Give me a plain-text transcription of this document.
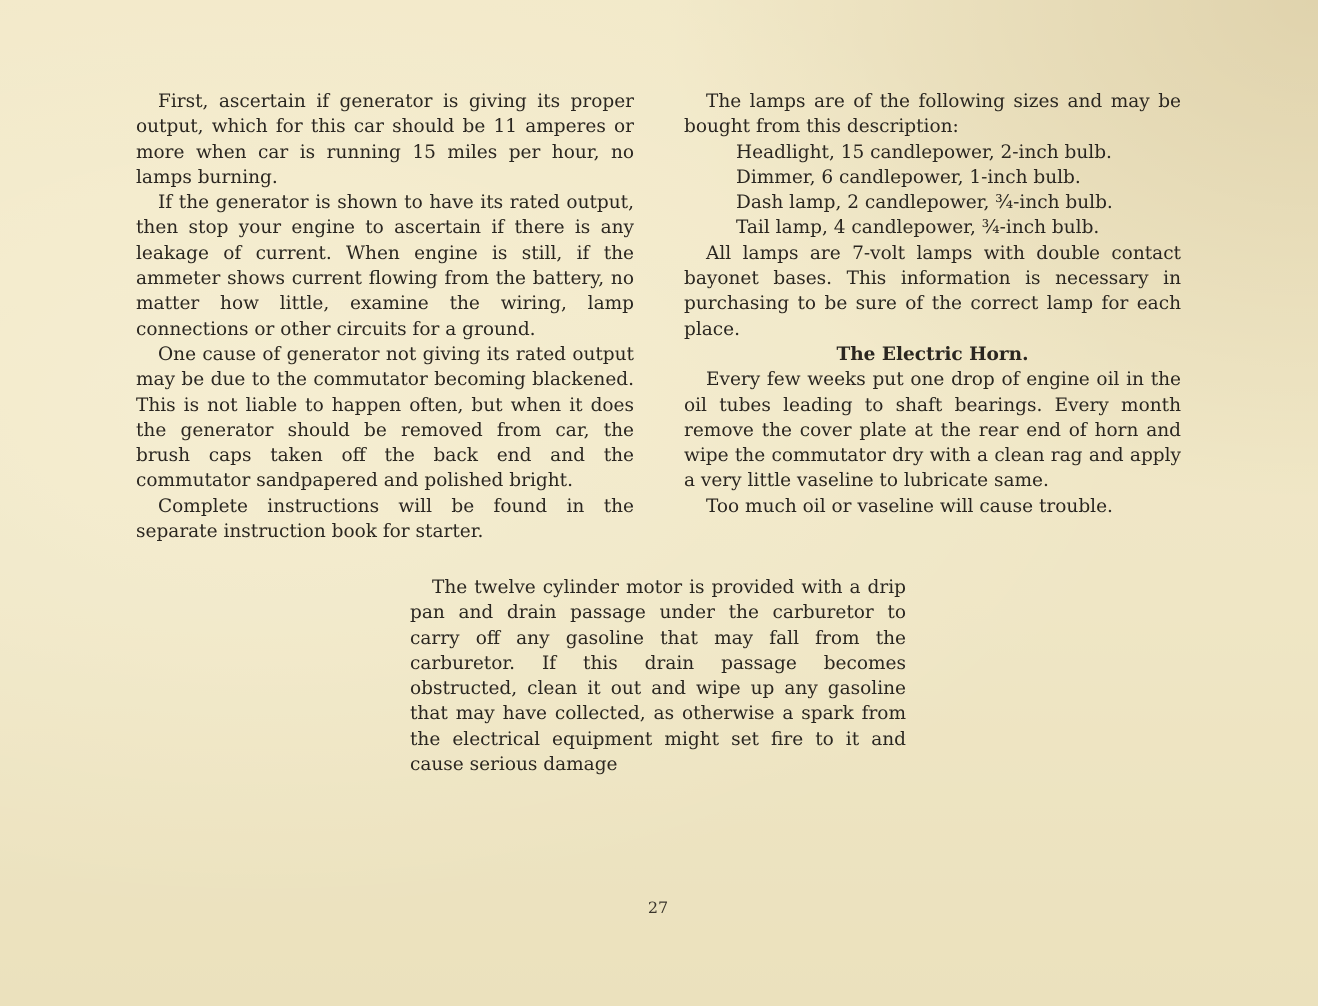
First, ascertain if generator is giving its proper output, which for this car should be 11 amperes or more when car is running 15 miles per hour, no lamps burning.

If the generator is shown to have its rated output, then stop your engine to ascertain if there is any leakage of current. When engine is still, if the ammeter shows current flowing from the battery, no matter how little, examine the wiring, lamp connections or other circuits for a ground.

One cause of generator not giving its rated output may be due to the commutator becoming blackened. This is not liable to happen often, but when it does the generator should be removed from car, the brush caps taken off the back end and the commutator sandpapered and polished bright.

Complete instructions will be found in the separate instruction book for starter.

The lamps are of the following sizes and may be bought from this description:

Headlight, 15 candlepower, 2-inch bulb.
Dimmer, 6 candlepower, 1-inch bulb.
Dash lamp, 2 candlepower, ¾-inch bulb.
Tail lamp, 4 candlepower, ¾-inch bulb.

All lamps are 7-volt lamps with double contact bayonet bases. This information is necessary in purchasing to be sure of the correct lamp for each place.

The Electric Horn.

Every few weeks put one drop of engine oil in the oil tubes leading to shaft bearings. Every month remove the cover plate at the rear end of horn and wipe the commutator dry with a clean rag and apply a very little vaseline to lubricate same.

Too much oil or vaseline will cause trouble.

The twelve cylinder motor is provided with a drip pan and drain passage under the carburetor to carry off any gasoline that may fall from the carburetor. If this drain passage becomes obstructed, clean it out and wipe up any gasoline that may have collected, as otherwise a spark from the electrical equipment might set fire to it and cause serious damage

27
